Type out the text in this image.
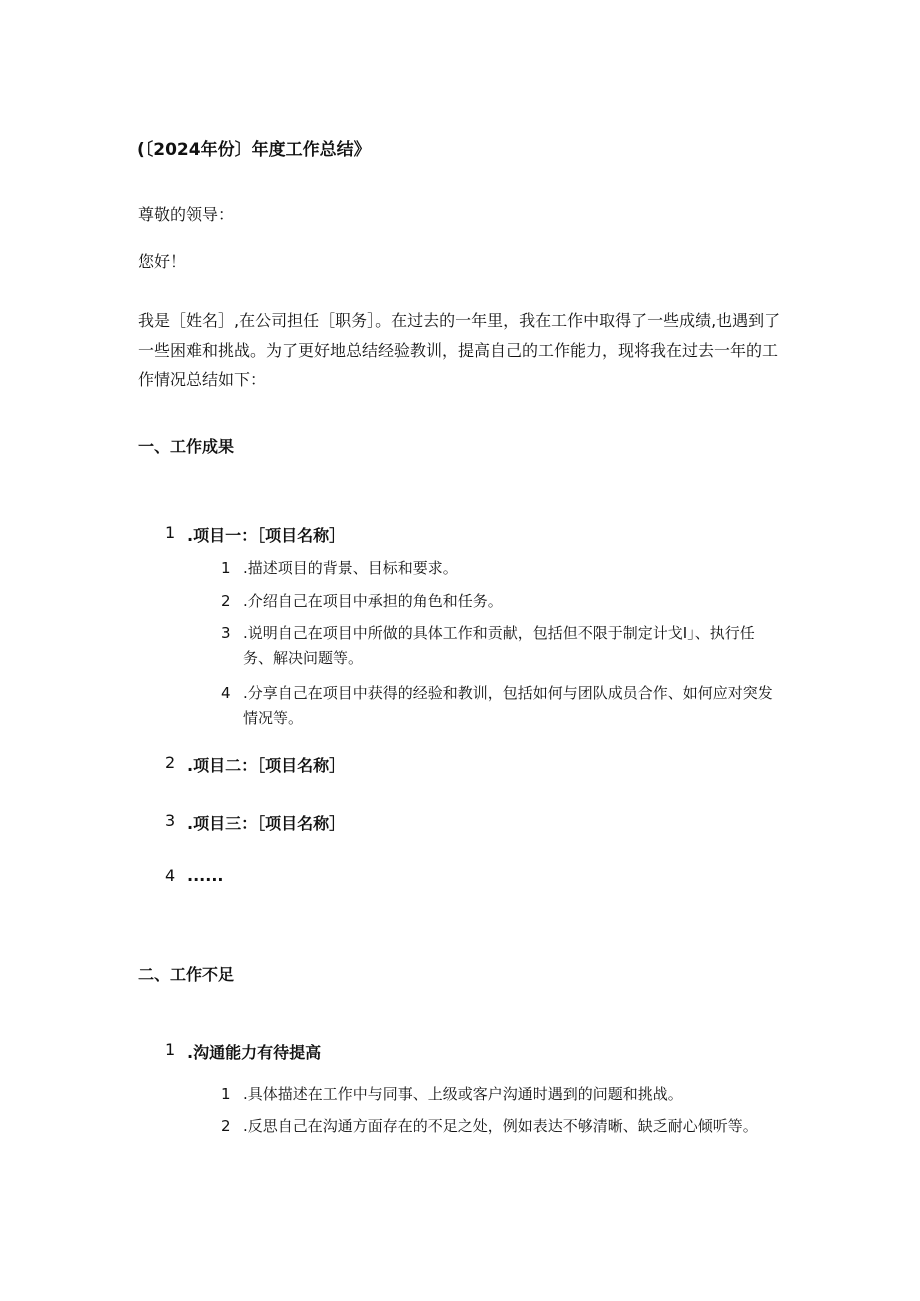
(〔2024年份〕年度工作总结》
尊敬的领导：
您好！
我是［姓名］,在公司担任［职务］。在过去的一年里，我在工作中取得了一些成绩,也遇到了一些困难和挑战。为了更好地总结经验教训，提高自己的工作能力，现将我在过去一年的工作情况总结如下：
一、工作成果
1 .项目一：［项目名称］
1 .描述项目的背景、目标和要求。
2 .介绍自己在项目中承担的角色和任务。
3 .说明自己在项目中所做的具体工作和贡献，包括但不限于制定计戈I」、执行任务、解决问题等。
4 .分享自己在项目中获得的经验和教训，包括如何与团队成员合作、如何应对突发情况等。
2 .项目二：［项目名称］
3 .项目三：［项目名称］
4 ......
二、工作不足
1 .沟通能力有待提高
1 .具体描述在工作中与同事、上级或客户沟通时遇到的问题和挑战。
2 .反思自己在沟通方面存在的不足之处，例如表达不够清晰、缺乏耐心倾听等。
